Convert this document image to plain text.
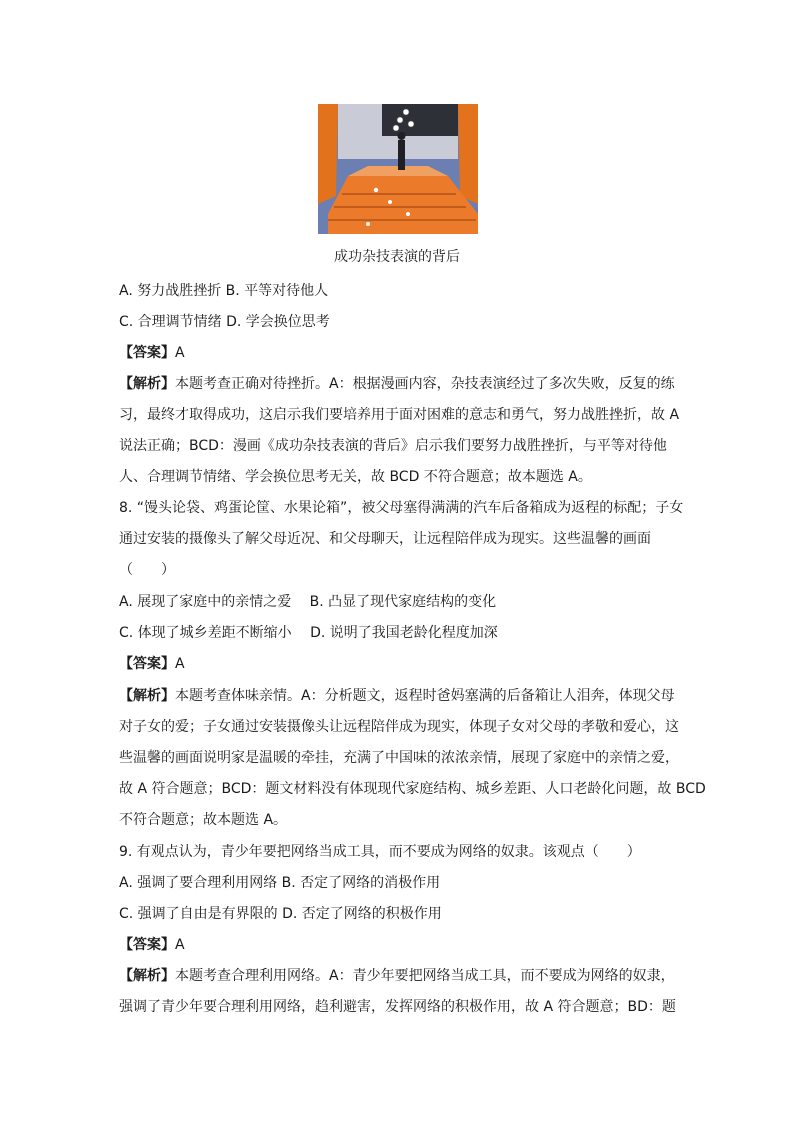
成功杂技表演的背后
A. 努力战胜挫折 B. 平等对待他人
C. 合理调节情绪 D. 学会换位思考
【答案】A
【解析】本题考查正确对待挫折。A：根据漫画内容，杂技表演经过了多次失败，反复的练
习，最终才取得成功，这启示我们要培养用于面对困难的意志和勇气，努力战胜挫折，故 A
说法正确；BCD：漫画《成功杂技表演的背后》启示我们要努力战胜挫折，与平等对待他
人、合理调节情绪、学会换位思考无关，故 BCD 不符合题意；故本题选 A。
8. “馒头论袋、鸡蛋论筐、水果论箱”，被父母塞得满满的汽车后备箱成为返程的标配；子女
通过安装的摄像头了解父母近况、和父母聊天，让远程陪伴成为现实。这些温馨的画面
（　　）
A. 展现了家庭中的亲情之爱　 B. 凸显了现代家庭结构的变化
C. 体现了城乡差距不断缩小　 D. 说明了我国老龄化程度加深
【答案】A
【解析】本题考查体味亲情。A：分析题文，返程时爸妈塞满的后备箱让人泪奔，体现父母
对子女的爱；子女通过安装摄像头让远程陪伴成为现实，体现子女对父母的孝敬和爱心，这
些温馨的画面说明家是温暖的牵挂，充满了中国味的浓浓亲情，展现了家庭中的亲情之爱，
故 A 符合题意；BCD：题文材料没有体现现代家庭结构、城乡差距、人口老龄化问题，故 BCD
不符合题意；故本题选 A。
9. 有观点认为，青少年要把网络当成工具，而不要成为网络的奴隶。该观点（　　）
A. 强调了要合理利用网络 B. 否定了网络的消极作用
C. 强调了自由是有界限的 D. 否定了网络的积极作用
【答案】A
【解析】本题考查合理利用网络。A：青少年要把网络当成工具，而不要成为网络的奴隶，
强调了青少年要合理利用网络，趋利避害，发挥网络的积极作用，故 A 符合题意；BD：题
